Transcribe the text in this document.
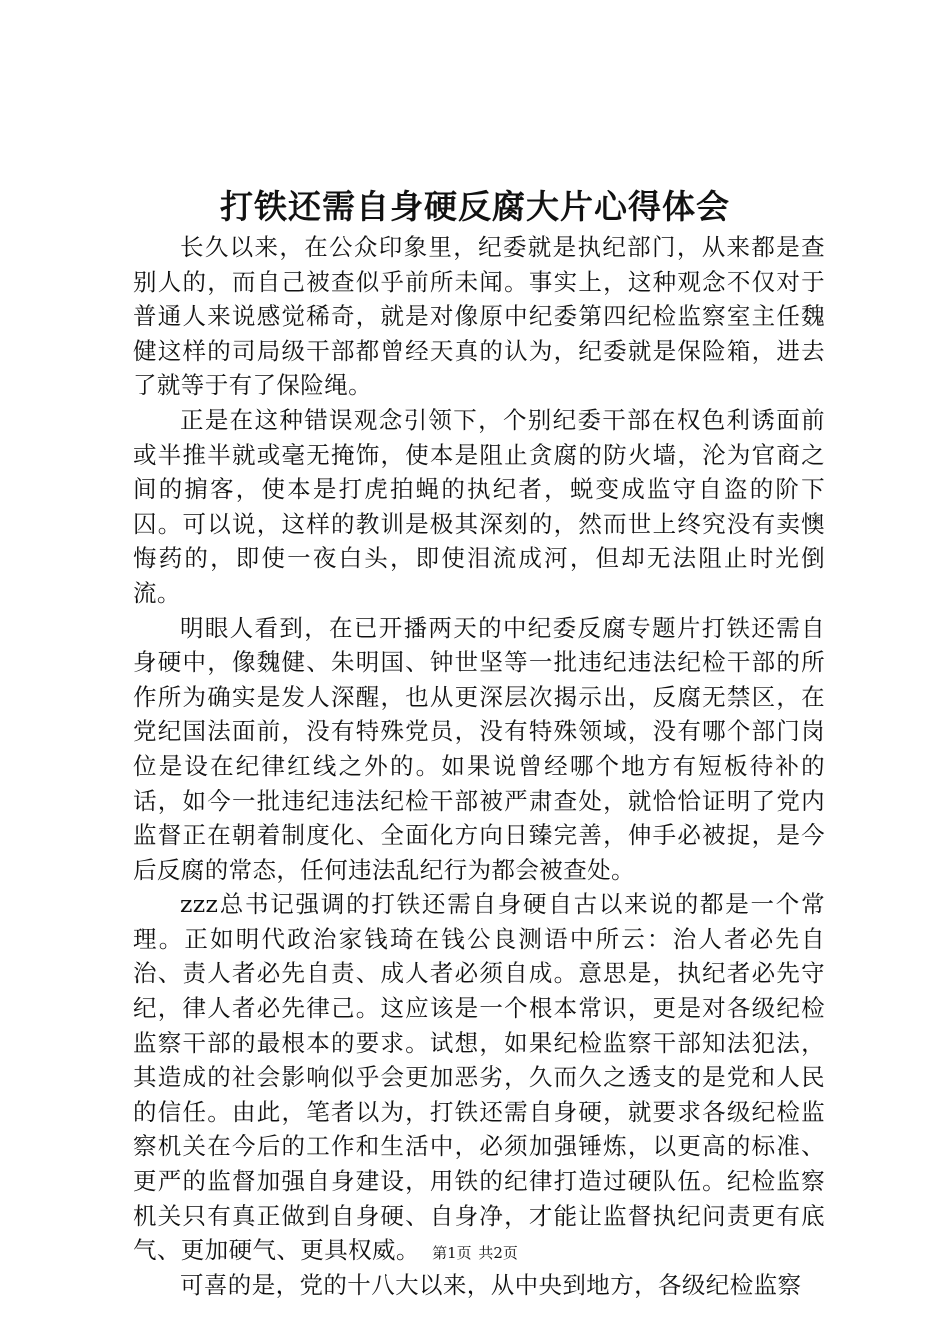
打铁还需自身硬反腐大片心得体会

长久以来，在公众印象里，纪委就是执纪部门，从来都是查别人的，而自己被查似乎前所未闻。事实上，这种观念不仅对于普通人来说感觉稀奇，就是对像原中纪委第四纪检监察室主任魏健这样的司局级干部都曾经天真的认为，纪委就是保险箱，进去了就等于有了保险绳。

正是在这种错误观念引领下，个别纪委干部在权色利诱面前或半推半就或毫无掩饰，使本是阻止贪腐的防火墙，沦为官商之间的掮客，使本是打虎拍蝇的执纪者，蜕变成监守自盗的阶下囚。可以说，这样的教训是极其深刻的，然而世上终究没有卖懊悔药的，即使一夜白头，即使泪流成河，但却无法阻止时光倒流。

明眼人看到，在已开播两天的中纪委反腐专题片打铁还需自身硬中，像魏健、朱明国、钟世坚等一批违纪违法纪检干部的所作所为确实是发人深醒，也从更深层次揭示出，反腐无禁区，在党纪国法面前，没有特殊党员，没有特殊领域，没有哪个部门岗位是设在纪律红线之外的。如果说曾经哪个地方有短板待补的话，如今一批违纪违法纪检干部被严肃查处，就恰恰证明了党内监督正在朝着制度化、全面化方向日臻完善，伸手必被捉，是今后反腐的常态，任何违法乱纪行为都会被查处。

zzz总书记强调的打铁还需自身硬自古以来说的都是一个常理。正如明代政治家钱琦在钱公良测语中所云：治人者必先自治、责人者必先自责、成人者必须自成。意思是，执纪者必先守纪，律人者必先律己。这应该是一个根本常识，更是对各级纪检监察干部的最根本的要求。试想，如果纪检监察干部知法犯法，其造成的社会影响似乎会更加恶劣，久而久之透支的是党和人民的信任。由此，笔者以为，打铁还需自身硬，就要求各级纪检监察机关在今后的工作和生活中，必须加强锤炼，以更高的标准、更严的监督加强自身建设，用铁的纪律打造过硬队伍。纪检监察机关只有真正做到自身硬、自身净，才能让监督执纪问责更有底气、更加硬气、更具权威。

可喜的是，党的十八大以来，从中央到地方，各级纪检监察

第1页 共2页
